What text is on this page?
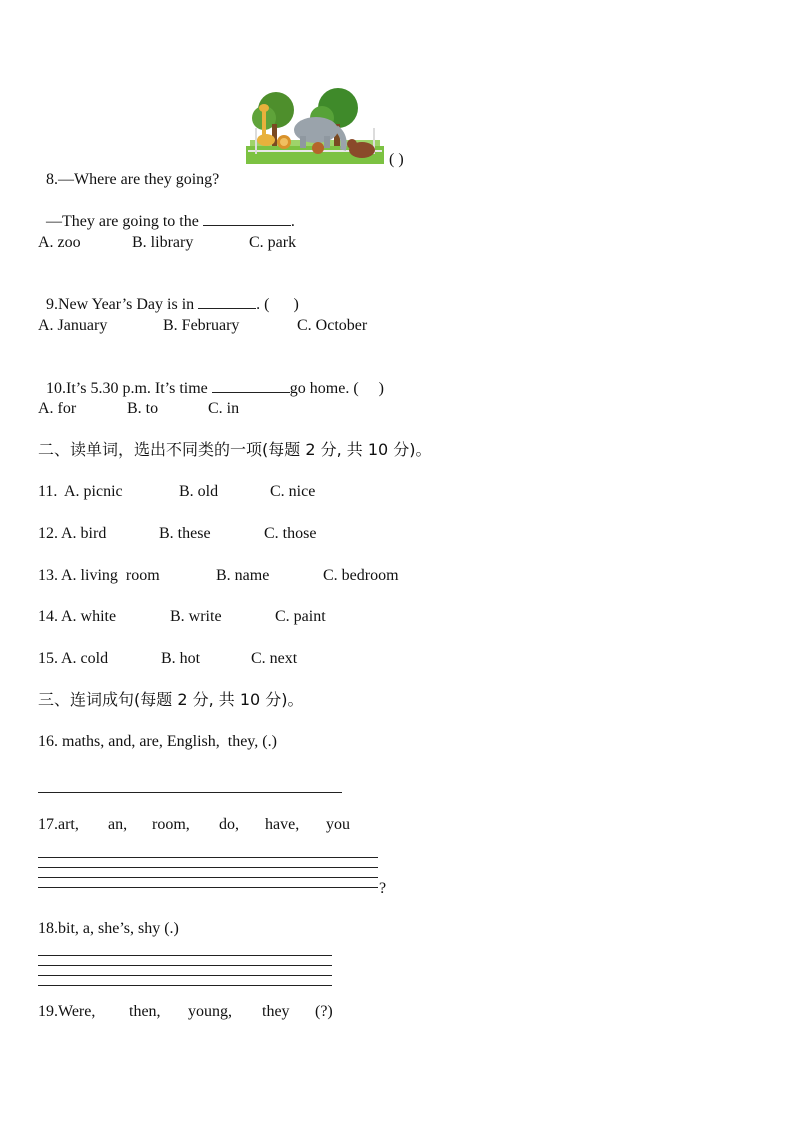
8.—Where are they going?

( )

—They are going to the	.

A. zoo	B. library	C. park

9.New Year’s Day is in	. (      )

A. January	B. February	C. October

10.It’s 5.30 p.m. It’s time	go home. (     )

A. for	B. to	C. in
二、读单词，选出不同类的一项(每题 2 分, 共 10 分)。
11. A. picnic	B. old	C. nice
12. A. bird	B. these	C. those
13. A. living  room	B. name	C. bedroom
14. A. white	B. write	C. paint
15. A. cold	B. hot	C. next
三、连词成句(每题 2 分, 共 10 分)。
16. maths, and, are, English,  they, (.)
17.art, an, room, do, have, you
?
18.bit, a, she’s, shy (.)
19.Were, then, young, they (?)
